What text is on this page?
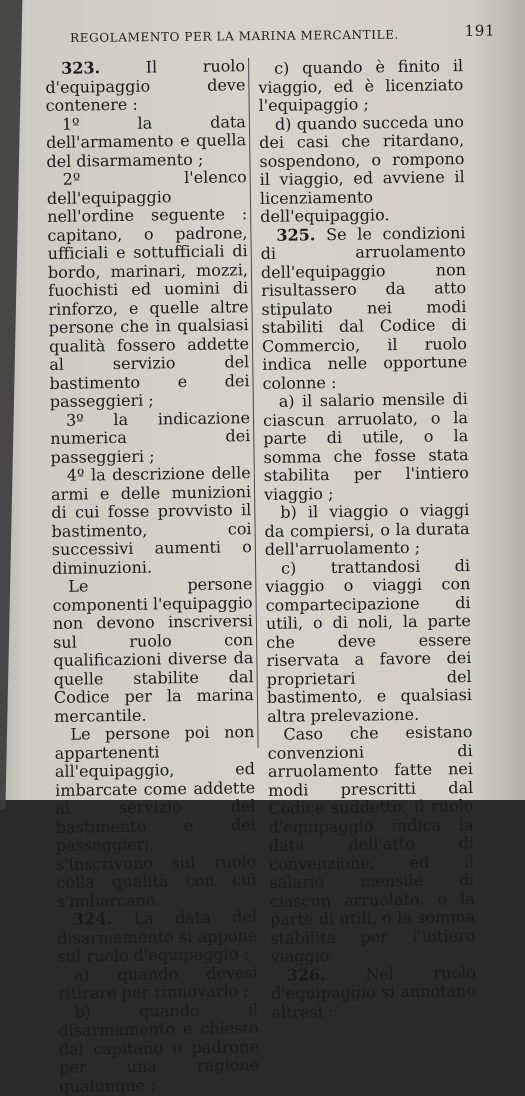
REGOLAMENTO PER LA MARINA MERCANTILE.	191

323. Il ruolo d'equipaggio deve contenere :

1º la data dell'armamento e quella del disarmamento ;

2º l'elenco dell'equipaggio nell'ordine seguente : capitano, o padrone, ufficiali e sottufficiali di bordo, marinari, mozzi, fuochisti ed uomini di rinforzo, e quelle altre persone che in qualsiasi qualità fossero addette al servizio del bastimento e dei passeggieri ;

3º la indicazione numerica dei passeggieri ;

4º la descrizione delle armi e delle munizioni di cui fosse provvisto il bastimento, coi successivi aumenti o diminuzioni.

Le persone componenti l'equipaggio non devono inscriversi sul ruolo con qualificazioni diverse da quelle stabilite dal Codice per la marina mercantile.

Le persone poi non appartenenti all'equipaggio, ed imbarcate come addette al servizio del bastimento e dei passeggieri, s'inscrivono sul ruolo colla qualità con cui s'imbarcano.

324. La data del disarmamento si appone sul ruolo d'equipaggio :

a) quando devesi ritirare per rinnovarlo ;

b) quando il disarmamento è chiesto dal capitano o padrone per una ragione qualunque ;

c) quando è finito il viaggio, ed è licenziato l'equipaggio ;

d) quando succeda uno dei casi che ritardano, sospendono, o rompono il viaggio, ed avviene il licenziamento dell'equipaggio.

325. Se le condizioni di arruolamento dell'equipaggio non risultassero da atto stipulato nei modi stabiliti dal Codice di Commercio, il ruolo indica nelle opportune colonne :

a) il salario mensile di ciascun arruolato, o la parte di utile, o la somma che fosse stata stabilita per l'intiero viaggio ;

b) il viaggio o viaggi da compiersi, o la durata dell'arruolamento ;

c) trattandosi di viaggio o viaggi con compartecipazione di utili, o di noli, la parte che deve essere riservata a favore dei proprietari del bastimento, e qualsiasi altra prelevazione.

Caso che esistano convenzioni di arruolamento fatte nei modi prescritti dal Codice suddetto, il ruolo d'equipaggio indica la data dell'atto di convenzione, ed il salario mensile di ciascun arruolato, o la parte di utili, o la somma stabilita per l'intiero viaggio.

326. Nel ruolo d'equipaggio si annotano altresì :
